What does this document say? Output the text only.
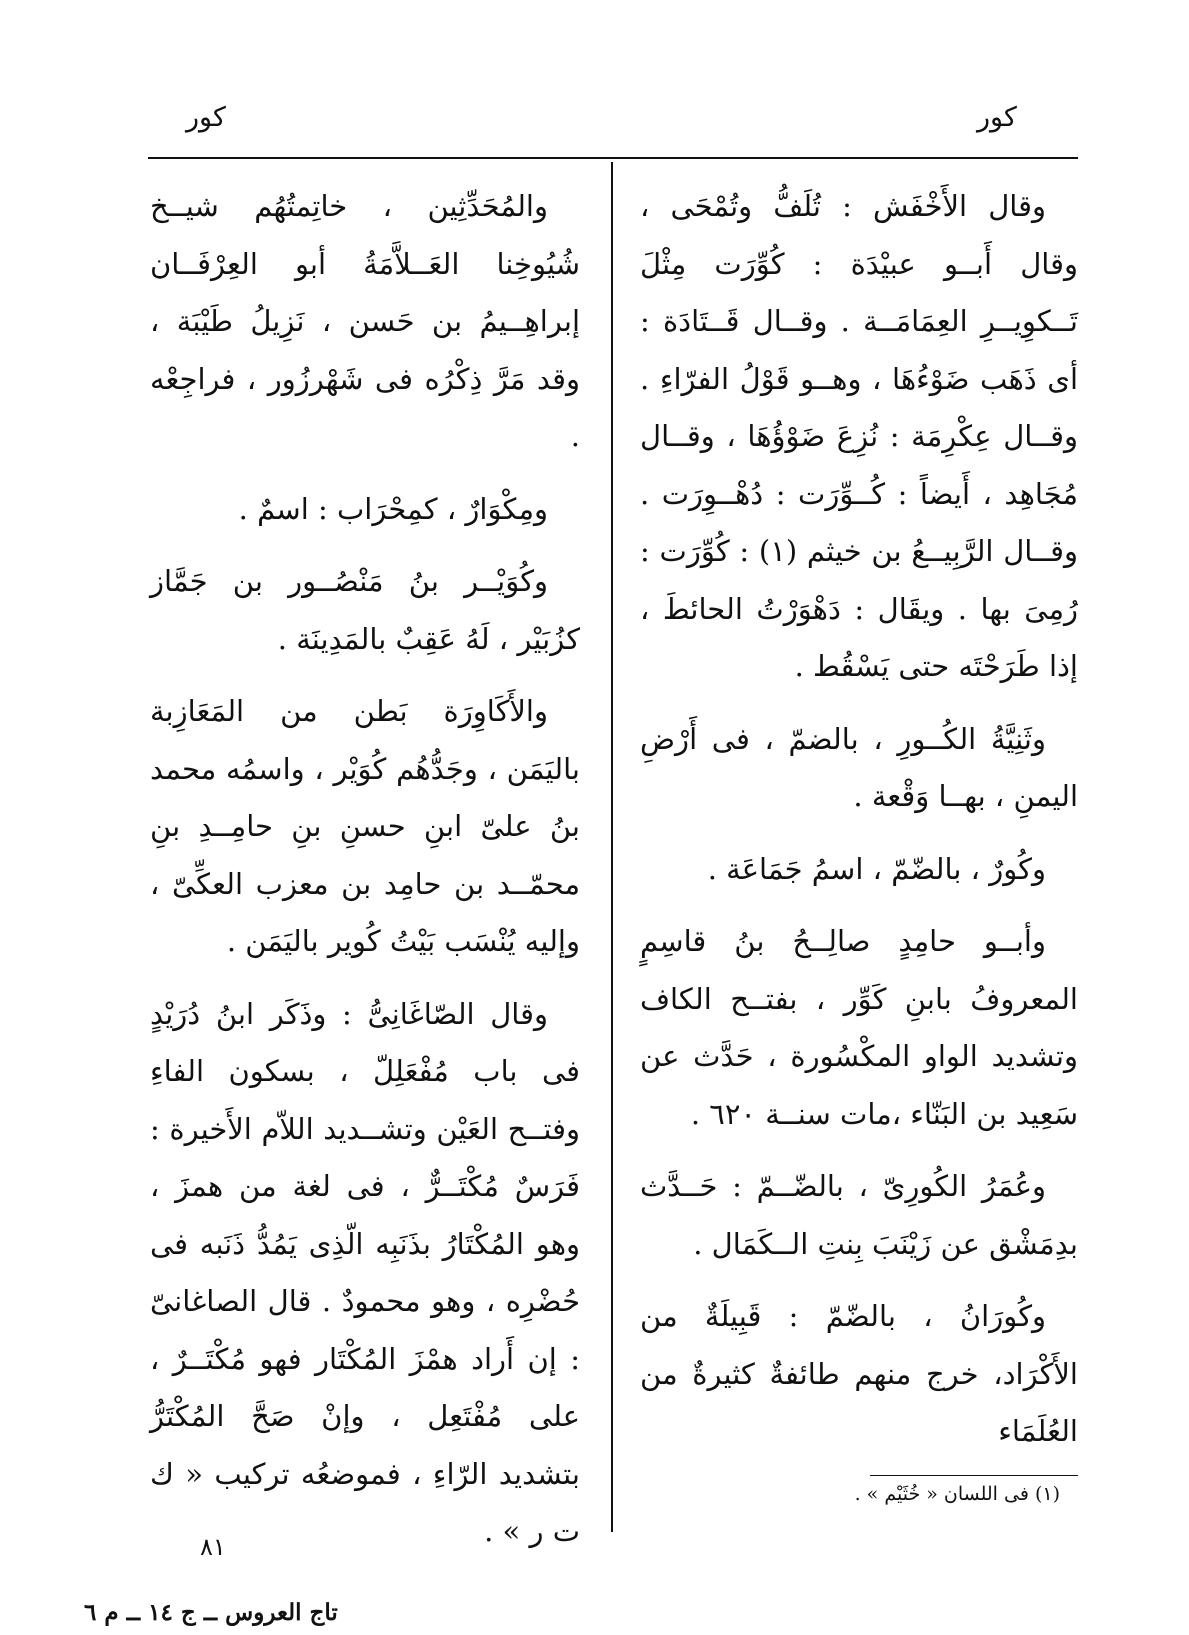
كور
كور

وقال الأَخْفَش : تُلَفُّ وتُمْحَى ، وقال أَبــو عبيْدَة : كُوِّرَت مِثْلَ تَــكوِيــرِ العِمَامَــة . وقــال قَــتَادَة : أى ذَهَب ضَوْءُهَا ، وهــو قَوْلُ الفرّاءِ . وقــال عِكْرِمَة : نُزِعَ ضَوْؤُهَا ، وقــال مُجَاهِد ، أَيضاً : كُــوِّرَت : دُهْــوِرَت . وقــال الرَّبِيــعُ بن خيثم (١) : كُوِّرَت : رُمِىَ بها . ويقَال : دَهْوَرْتُ الحائطَ ، إذا طَرَحْتَه حتى يَسْقُط .

وثَنِيَّةُ الكُــورِ ، بالضمّ ، فى أَرْضِ اليمنِ ، بهــا وَقْعة .

وكُورٌ ، بالضّمّ ، اسمُ جَمَاعَة .

وأبــو حامِدٍ صالِــحُ بنُ قاسِمٍ المعروفُ بابنِ كَوِّر ، بفتــح الكاف وتشديد الواو المكْسُورة ، حَدَّث عن سَعِيد بن البَنّاء ،مات سنــة ٦٢٠ .

وعُمَرُ الكُورِىّ ، بالضّــمّ : حَــدَّث بدِمَشْق عن زَيْنَبَ بِنتِ الــكَمَال .

وكُورَانُ ، بالضّمّ : قَبِيلَةٌ من الأَكْرَاد، خرج منهم طائفةٌ كثيرةٌ من العُلَمَاء

والمُحَدِّثِين ، خاتِمتُهُم شيــخ شُيُوخِنا العَــلاَّمَةُ أبو العِرْفَــان إبراهِــيمُ بن حَسن ، نَزِيلُ طَيْبَة ، وقد مَرَّ ذِكْرُه فى شَهْرزُور ، فراجِعْه .

ومِكْوَارٌ ، كمِحْرَاب : اسمٌ .

وكُوَيْــر بنُ مَنْصُــور بن جَمَّاز كزُبَيْر ، لَهُ عَقِبٌ بالمَدِينَة .

والأَكَاوِرَة بَطن من المَعَازِبة باليَمَن ، وجَدُّهُم كُوَيْر ، واسمُه محمد بنُ علىّ ابنِ حسنِ بنِ حامِــدِ بنِ محمّــد بن حامِد بن معزب العكِّىّ ، وإليه يُنْسَب بَيْتُ كُوير باليَمَن .

وقال الصّاغَانِىُّ : وذَكَر ابنُ دُرَيْدٍ فى باب مُفْعَلِلّ ، بسكون الفاءِ وفتــح العَيْن وتشــديد اللاّم الأَخيرة : فَرَسٌ مُكْتَــرٌّ ، فى لغة من همزَ ، وهو المُكْتَارُ بذَنَبِه الّذِى يَمُدُّ ذَنَبه فى حُضْرِه ، وهو محمودٌ . قال الصاغانىّ : إن أَراد همْزَ المُكْتَار فهو مُكْتَــرٌ ، على مُفْتَعِل ، وإنْ صَحَّ المُكْتَرُّ بتشديد الرّاءِ ، فموضعُه تركيب « ك ت ر » .

(١) فى اللسان « خُثَيْم » .
٨١
تاج العروس ــ ج ١٤ ــ م ٦
